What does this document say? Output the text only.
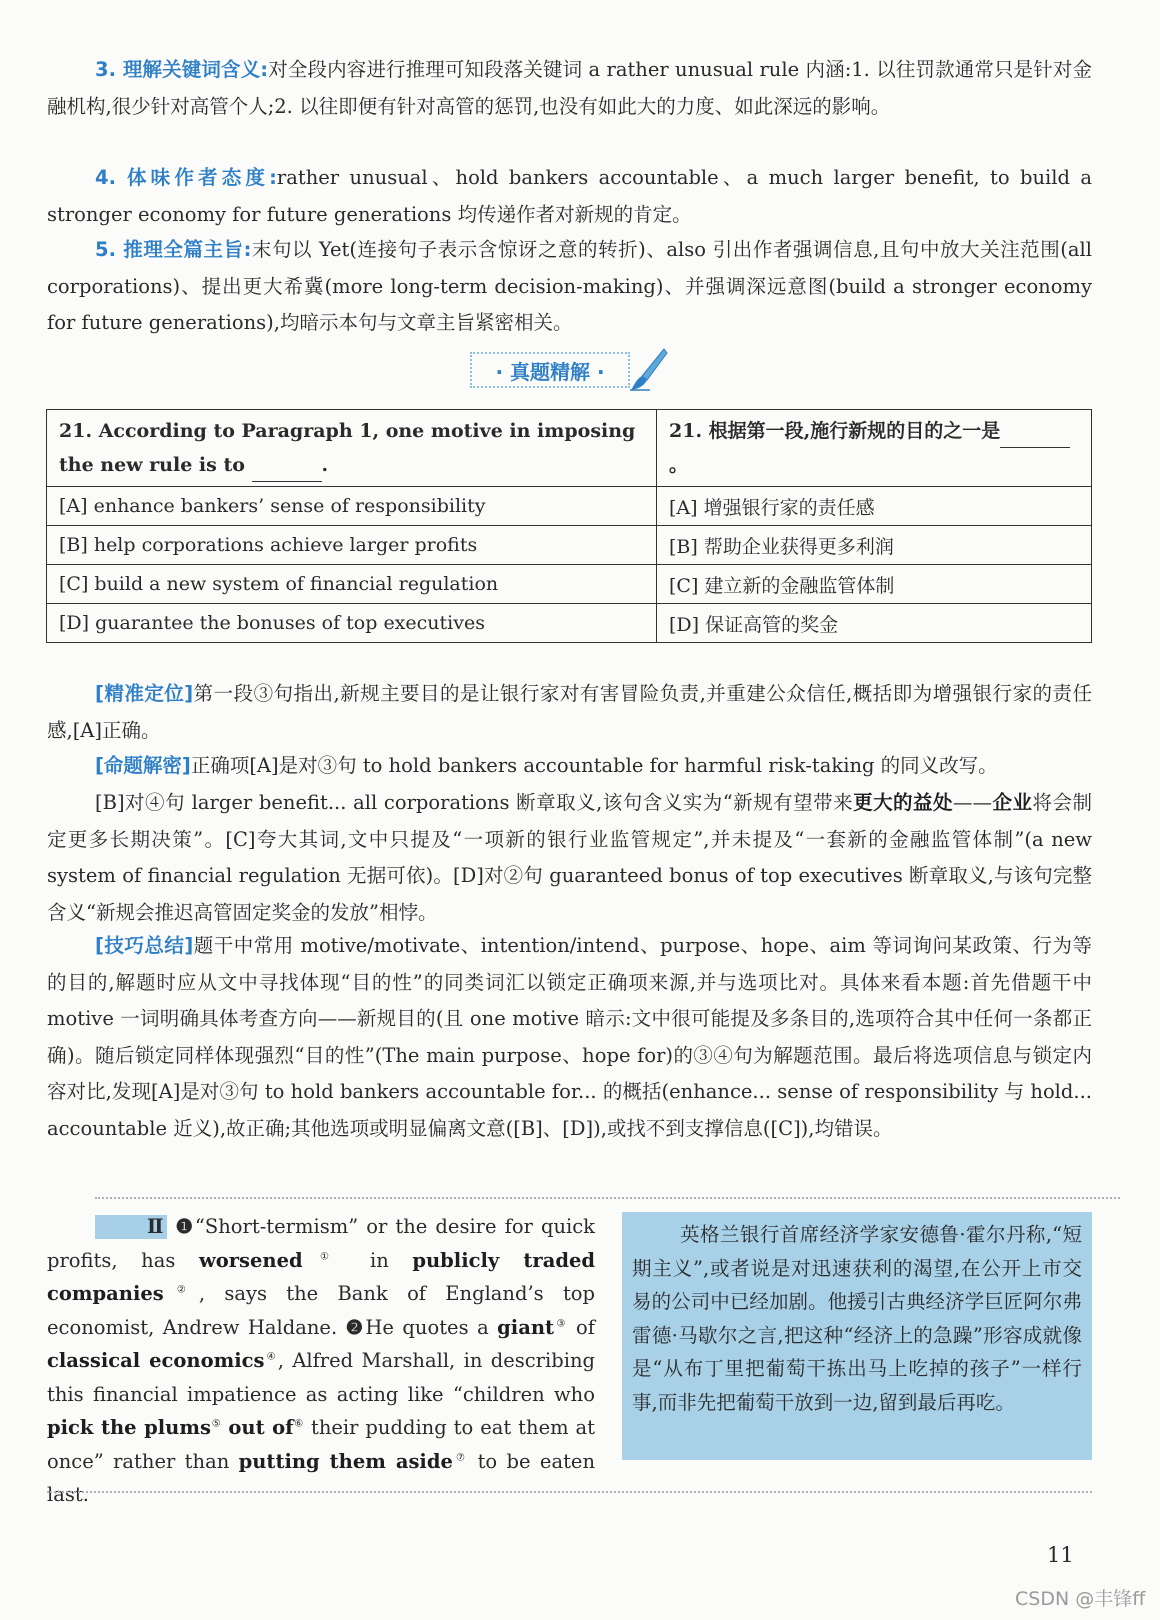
3. 理解关键词含义:对全段内容进行推理可知段落关键词 a rather unusual rule 内涵:1. 以往罚款通常只是针对金融机构,很少针对高管个人;2. 以往即便有针对高管的惩罚,也没有如此大的力度、如此深远的影响。

4. 体味作者态度:rather unusual、hold bankers accountable、a much larger benefit, to build a stronger economy for future generations 均传递作者对新规的肯定。

5. 推理全篇主旨:末句以 Yet(连接句子表示含惊讶之意的转折)、also 引出作者强调信息,且句中放大关注范围(all corporations)、提出更大希冀(more long-term decision-making)、并强调深远意图(build a stronger economy for future generations),均暗示本句与文章主旨紧密相关。

· 真题精解 ·
21. According to Paragraph 1, one motive in imposing the new rule is to .	21. 根据第一段,施行新规的目的之一是。
[A] enhance bankers’ sense of responsibility	[A] 增强银行家的责任感
[B] help corporations achieve larger profits	[B] 帮助企业获得更多利润
[C] build a new system of financial regulation	[C] 建立新的金融监管体制
[D] guarantee the bonuses of top executives	[D] 保证高管的奖金

[精准定位]第一段③句指出,新规主要目的是让银行家对有害冒险负责,并重建公众信任,概括即为增强银行家的责任感,[A]正确。

[命题解密]正确项[A]是对③句 to hold bankers accountable for harmful risk-taking 的同义改写。

[B]对④句 larger benefit... all corporations 断章取义,该句含义实为“新规有望带来更大的益处——企业将会制定更多长期决策”。[C]夸大其词,文中只提及“一项新的银行业监管规定”,并未提及“一套新的金融监管体制”(a new system of financial regulation 无据可依)。[D]对②句 guaranteed bonus of top executives 断章取义,与该句完整含义“新规会推迟高管固定奖金的发放”相悖。

[技巧总结]题干中常用 motive/motivate、intention/intend、purpose、hope、aim 等词询问某政策、行为等的目的,解题时应从文中寻找体现“目的性”的同类词汇以锁定正确项来源,并与选项比对。具体来看本题:首先借题干中 motive 一词明确具体考查方向——新规目的(且 one motive 暗示:文中很可能提及多条目的,选项符合其中任何一条都正确)。随后锁定同样体现强烈“目的性”(The main purpose、hope for)的③④句为解题范围。最后将选项信息与锁定内容对比,发现[A]是对③句 to hold bankers accountable for... 的概括(enhance... sense of responsibility 与 hold... accountable 近义),故正确;其他选项或明显偏离文意([B]、[D]),或找不到支撑信息([C]),均错误。

Ⅱ ❶“Short-termism” or the desire for quick profits, has worsened① in publicly traded companies②, says the Bank of England’s top economist, Andrew Haldane. ❷He quotes a giant③ of classical economics④, Alfred Marshall, in describing this financial impatience as acting like “children who pick the plums⑤ out of⑥ their pudding to eat them at once” rather than putting them aside⑦ to be eaten last.

英格兰银行首席经济学家安德鲁·霍尔丹称,“短期主义”,或者说是对迅速获利的渴望,在公开上市交易的公司中已经加剧。他援引古典经济学巨匠阿尔弗雷德·马歇尔之言,把这种“经济上的急躁”形容成就像是“从布丁里把葡萄干拣出马上吃掉的孩子”一样行事,而非先把葡萄干放到一边,留到最后再吃。

11
CSDN @丰锋ff
